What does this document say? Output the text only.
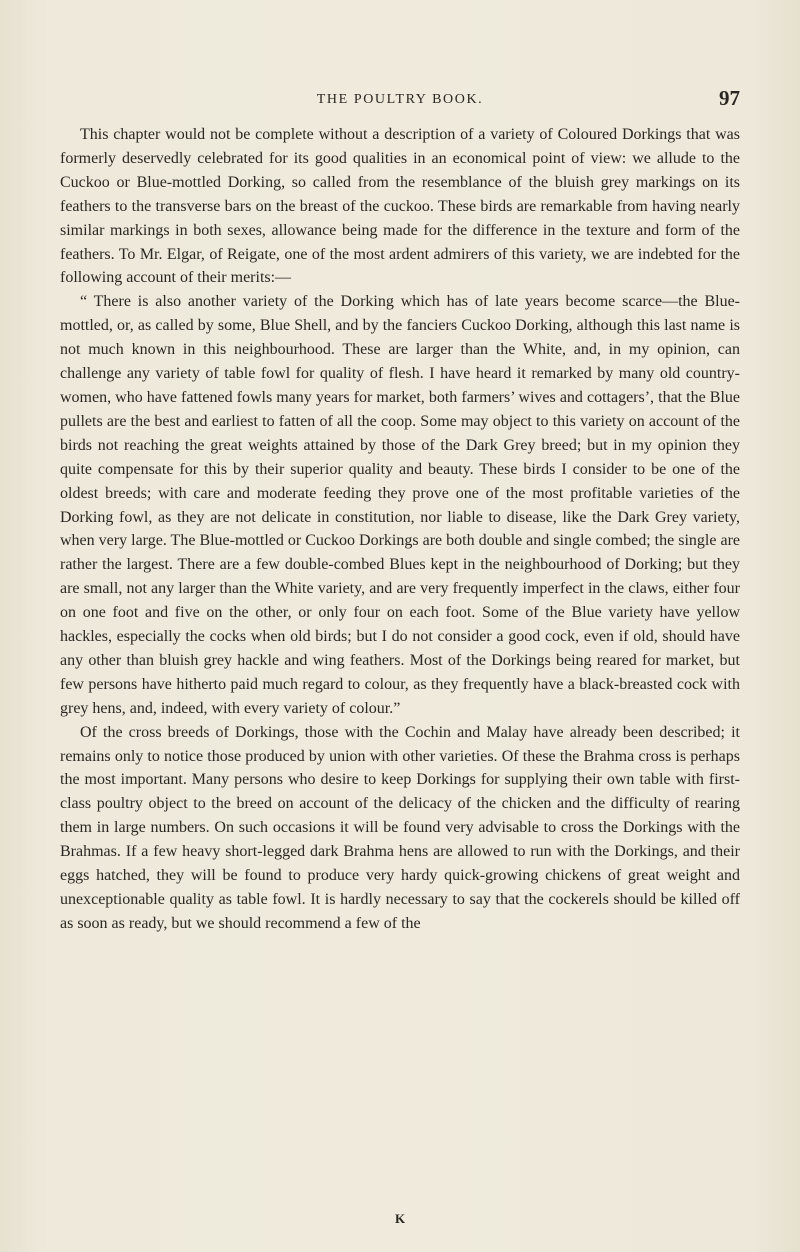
THE POULTRY BOOK.	97

This chapter would not be complete without a description of a variety of Coloured Dorkings that was formerly deservedly celebrated for its good qualities in an economical point of view: we allude to the Cuckoo or Blue-mottled Dorking, so called from the resemblance of the bluish grey markings on its feathers to the transverse bars on the breast of the cuckoo. These birds are remarkable from having nearly similar markings in both sexes, allowance being made for the difference in the texture and form of the feathers. To Mr. Elgar, of Reigate, one of the most ardent admirers of this variety, we are indebted for the following account of their merits:—

“ There is also another variety of the Dorking which has of late years become scarce—the Blue-mottled, or, as called by some, Blue Shell, and by the fanciers Cuckoo Dorking, although this last name is not much known in this neighbourhood. These are larger than the White, and, in my opinion, can challenge any variety of table fowl for quality of flesh. I have heard it remarked by many old country-women, who have fattened fowls many years for market, both farmers’ wives and cottagers’, that the Blue pullets are the best and earliest to fatten of all the coop. Some may object to this variety on account of the birds not reaching the great weights attained by those of the Dark Grey breed; but in my opinion they quite compensate for this by their superior quality and beauty. These birds I consider to be one of the oldest breeds; with care and moderate feeding they prove one of the most profitable varieties of the Dorking fowl, as they are not delicate in constitution, nor liable to disease, like the Dark Grey variety, when very large. The Blue-mottled or Cuckoo Dorkings are both double and single combed; the single are rather the largest. There are a few double-combed Blues kept in the neighbourhood of Dorking; but they are small, not any larger than the White variety, and are very frequently imperfect in the claws, either four on one foot and five on the other, or only four on each foot. Some of the Blue variety have yellow hackles, especially the cocks when old birds; but I do not consider a good cock, even if old, should have any other than bluish grey hackle and wing feathers. Most of the Dorkings being reared for market, but few persons have hitherto paid much regard to colour, as they frequently have a black-breasted cock with grey hens, and, indeed, with every variety of colour.”

Of the cross breeds of Dorkings, those with the Cochin and Malay have already been described; it remains only to notice those produced by union with other varieties. Of these the Brahma cross is perhaps the most important. Many persons who desire to keep Dorkings for supplying their own table with first-class poultry object to the breed on account of the delicacy of the chicken and the difficulty of rearing them in large numbers. On such occasions it will be found very advisable to cross the Dorkings with the Brahmas. If a few heavy short-legged dark Brahma hens are allowed to run with the Dorkings, and their eggs hatched, they will be found to produce very hardy quick-growing chickens of great weight and unexceptionable quality as table fowl. It is hardly necessary to say that the cockerels should be killed off as soon as ready, but we should recommend a few of the

K
